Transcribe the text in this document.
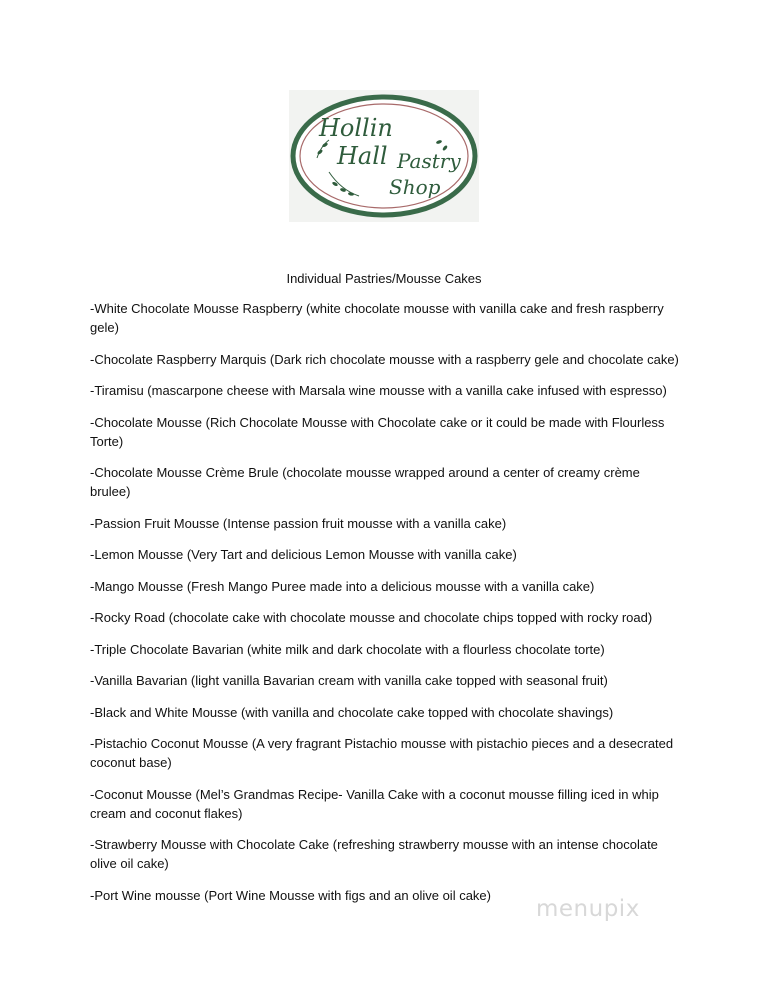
Hollin
Hall Pastry
Shop
Individual Pastries/Mousse Cakes
-White Chocolate Mousse Raspberry (white chocolate mousse with vanilla cake and fresh raspberry gele)
-Chocolate Raspberry Marquis (Dark rich chocolate mousse with a raspberry gele and chocolate cake)
-Tiramisu (mascarpone cheese with Marsala wine mousse with a vanilla cake infused with espresso)
-Chocolate Mousse (Rich Chocolate Mousse with Chocolate cake or it could be made with Flourless Torte)
-Chocolate Mousse Crème Brule (chocolate mousse wrapped around a center of creamy crème brulee)
-Passion Fruit Mousse (Intense passion fruit mousse with a vanilla cake)
-Lemon Mousse (Very Tart and delicious Lemon Mousse with vanilla cake)
-Mango Mousse (Fresh Mango Puree made into a delicious mousse with a vanilla cake)
-Rocky Road (chocolate cake with chocolate mousse and chocolate chips topped with rocky road)
-Triple Chocolate Bavarian (white milk and dark chocolate with a flourless chocolate torte)
-Vanilla Bavarian (light vanilla Bavarian cream with vanilla cake topped with seasonal fruit)
-Black and White Mousse (with vanilla and chocolate cake topped with chocolate shavings)
-Pistachio Coconut Mousse (A very fragrant Pistachio mousse with pistachio pieces and a desecrated coconut base)
-Coconut Mousse (Mel’s Grandmas Recipe- Vanilla Cake with a coconut mousse filling iced in whip cream and coconut flakes)
-Strawberry Mousse with Chocolate Cake (refreshing strawberry mousse with an intense chocolate olive oil cake)
-Port Wine mousse (Port Wine Mousse with figs and an olive oil cake)
menupix
